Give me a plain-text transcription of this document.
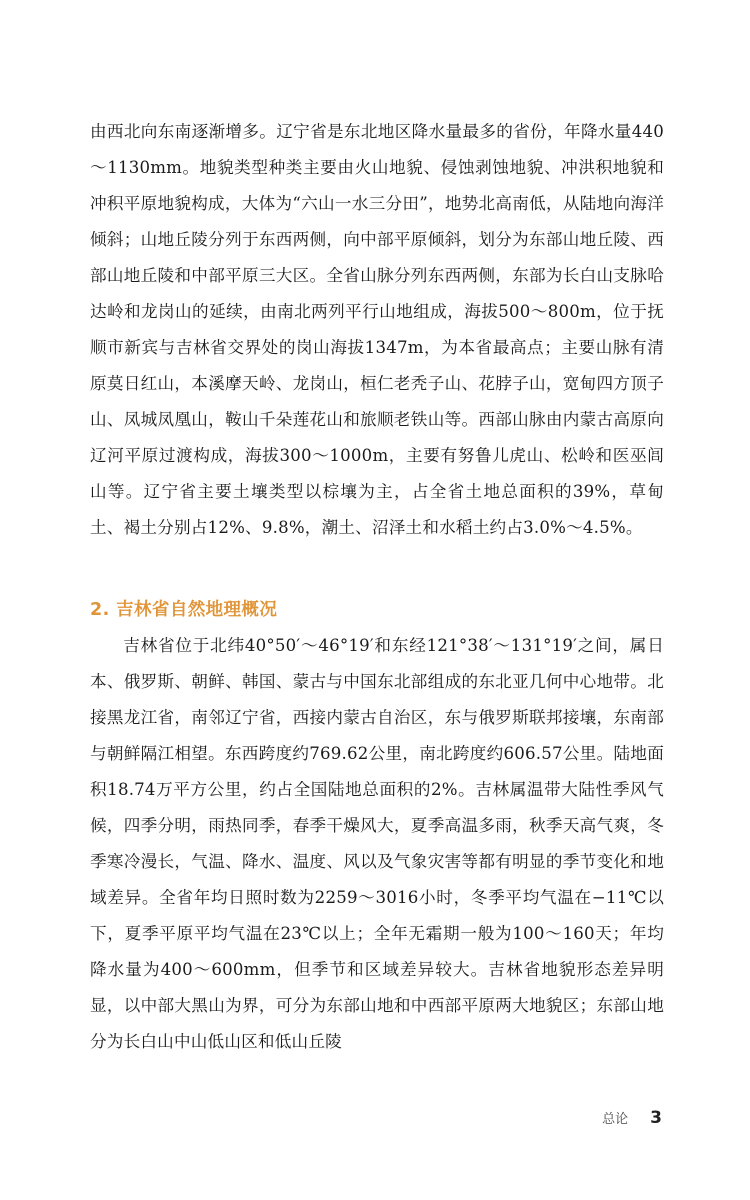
由西北向东南逐渐增多。辽宁省是东北地区降水量最多的省份，年降水量440～1130mm。地貌类型种类主要由火山地貌、侵蚀剥蚀地貌、冲洪积地貌和冲积平原地貌构成，大体为“六山一水三分田”，地势北高南低，从陆地向海洋倾斜；山地丘陵分列于东西两侧，向中部平原倾斜，划分为东部山地丘陵、西部山地丘陵和中部平原三大区。全省山脉分列东西两侧，东部为长白山支脉哈达岭和龙岗山的延续，由南北两列平行山地组成，海拔500～800m，位于抚顺市新宾与吉林省交界处的岗山海拔1347m，为本省最高点；主要山脉有清原莫日红山，本溪摩天岭、龙岗山，桓仁老秃子山、花脖子山，宽甸四方顶子山、凤城凤凰山，鞍山千朵莲花山和旅顺老铁山等。西部山脉由内蒙古高原向辽河平原过渡构成，海拔300～1000m，主要有努鲁儿虎山、松岭和医巫闾山等。辽宁省主要土壤类型以棕壤为主，占全省土地总面积的39%，草甸土、褐土分别占12%、9.8%，潮土、沼泽土和水稻土约占3.0%～4.5%。

2. 吉林省自然地理概况

吉林省位于北纬40°50′～46°19′和东经121°38′～131°19′之间，属日本、俄罗斯、朝鲜、韩国、蒙古与中国东北部组成的东北亚几何中心地带。北接黑龙江省，南邻辽宁省，西接内蒙古自治区，东与俄罗斯联邦接壤，东南部与朝鲜隔江相望。东西跨度约769.62公里，南北跨度约606.57公里。陆地面积18.74万平方公里，约占全国陆地总面积的2%。吉林属温带大陆性季风气候，四季分明，雨热同季，春季干燥风大，夏季高温多雨，秋季天高气爽，冬季寒冷漫长，气温、降水、温度、风以及气象灾害等都有明显的季节变化和地域差异。全省年均日照时数为2259～3016小时，冬季平均气温在−11℃以下，夏季平原平均气温在23℃以上；全年无霜期一般为100～160天；年均降水量为400～600mm，但季节和区域差异较大。吉林省地貌形态差异明显，以中部大黑山为界，可分为东部山地和中西部平原两大地貌区；东部山地分为长白山中山低山区和低山丘陵

总论 3
